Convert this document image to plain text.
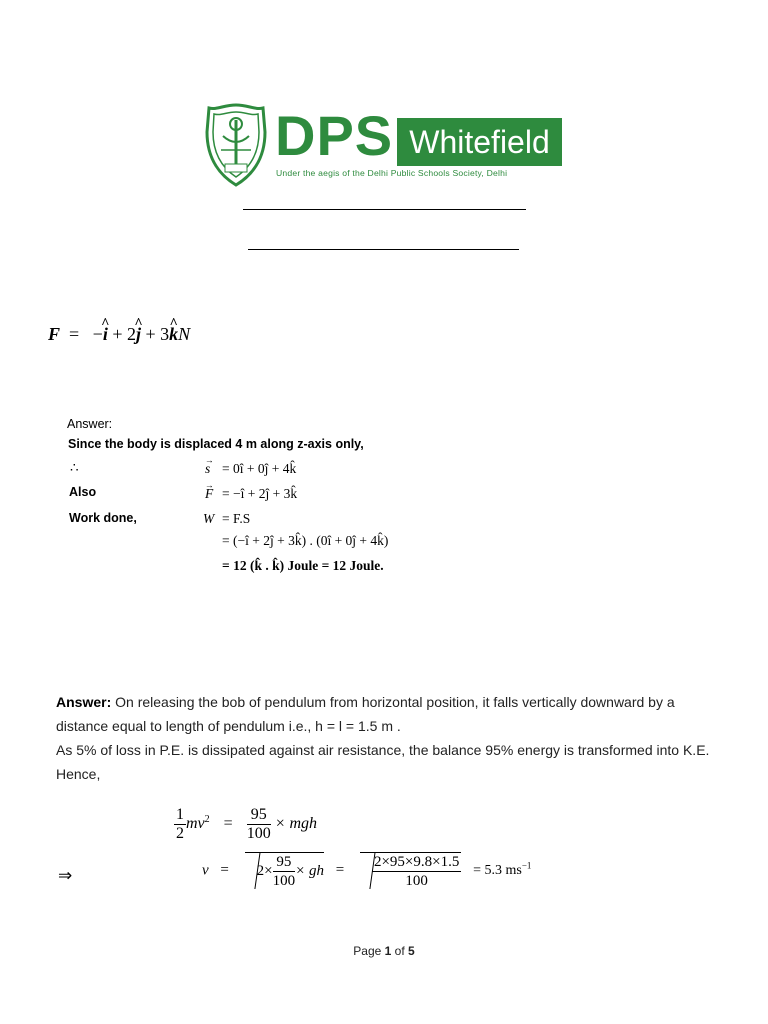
DPS Whitefield
Under the aegis of the Delhi Public Schools Society, Delhi
F = −i ^ + 2j ^ + 3k ^N
Answer:
Since the body is displaced 4 m along z-axis only,
∴	s → = 0î + 0ĵ + 4k̂
Also	F → = −î + 2ĵ + 3k̂
Work done,	W = F.S
= (−î + 2ĵ + 3k̂) . (0î + 0ĵ + 4k̂)
= 12 (k̂ . k̂) Joule = 12 Joule.
Answer: On releasing the bob of pendulum from horizontal position, it falls vertically downward by a
distance equal to length of pendulum i.e., h = l = 1.5 m .
As 5% of loss in P.E. is dissipated against air resistance, the balance 95% energy is transformed into K.E.
Hence,
$\frac{1}{2} mv^2 = \frac{95}{100}$ × mgh
⇒	$v = 2\times \frac{95}{100}$ × gh = $\frac{2\times 95\times 9.8\times 1.5}{100} = 5.3$ $ms^{-1}$
Page 1 of 5
